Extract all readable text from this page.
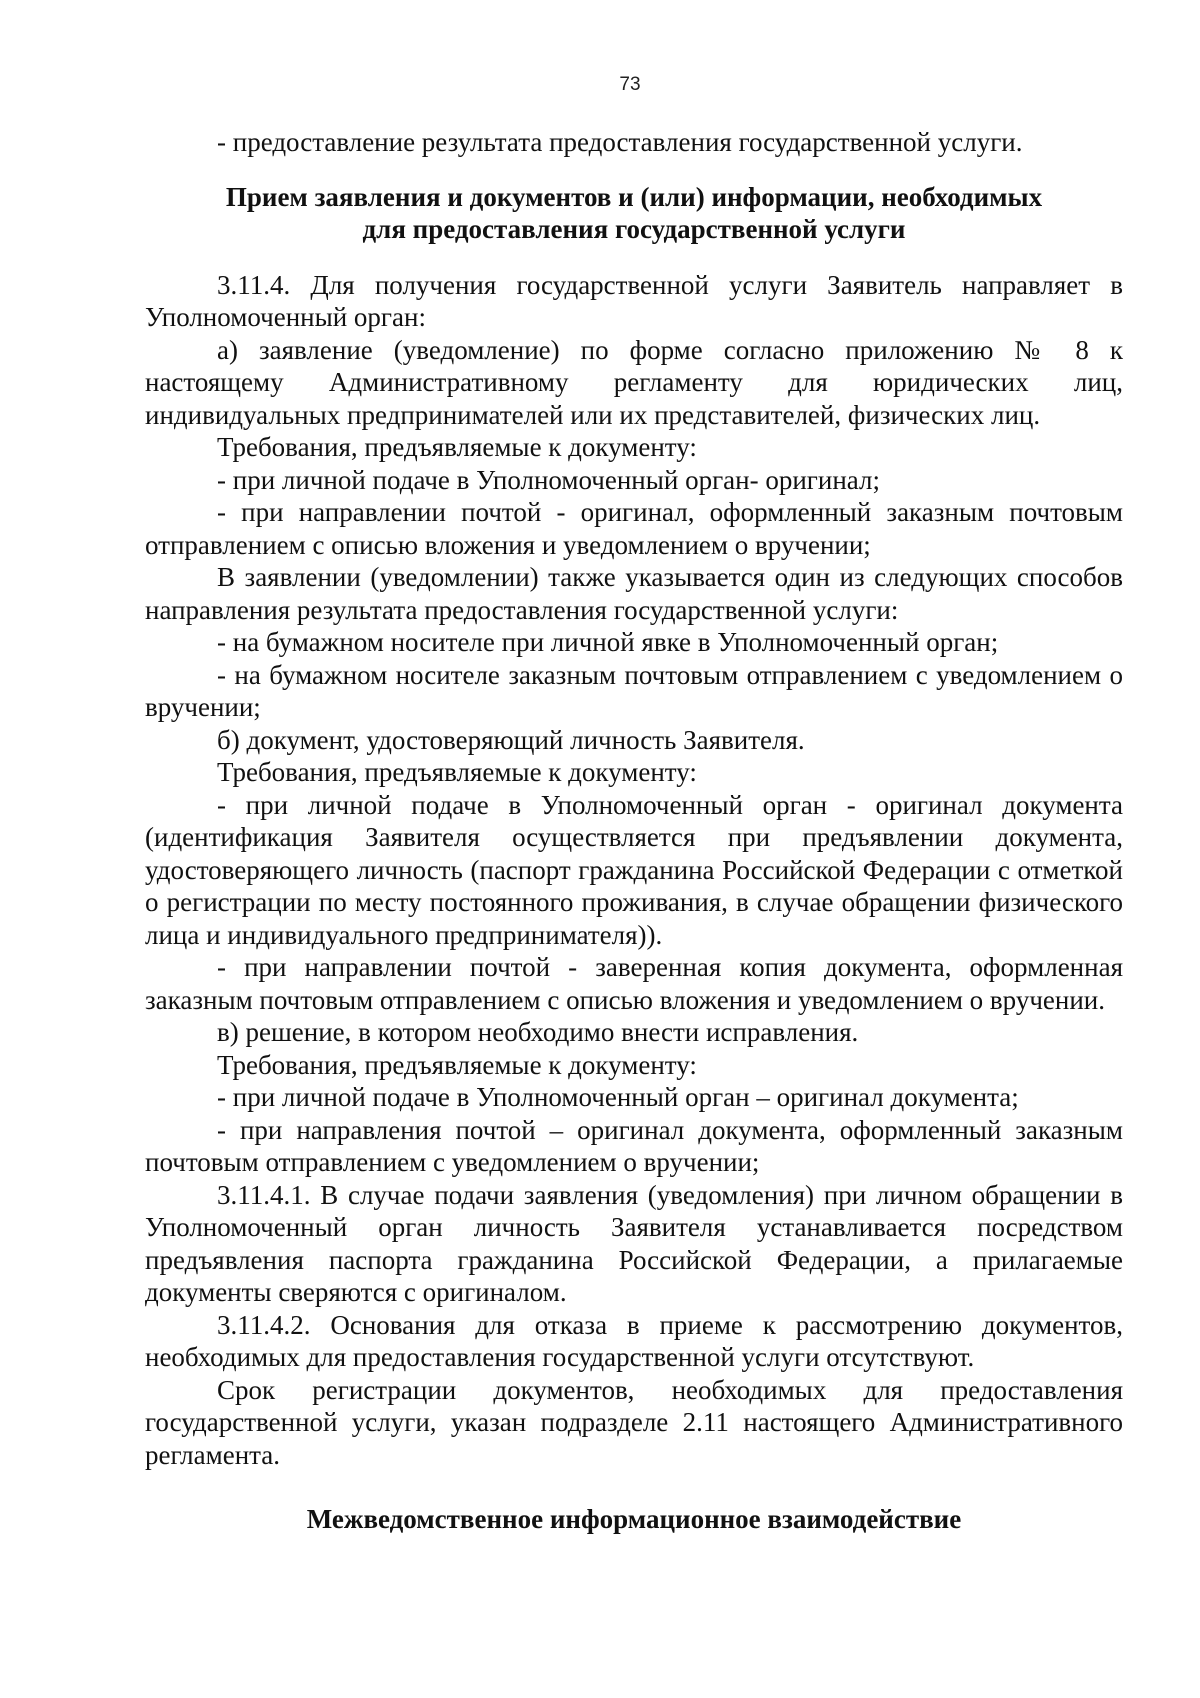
73

- предоставление результата предоставления государственной услуги.

Прием заявления и документов и (или) информации, необходимых
для предоставления государственной услуги

3.11.4. Для получения государственной услуги Заявитель направляет в Уполномоченный орган:

а) заявление (уведомление) по форме согласно приложению № 8 к настоящему Административному регламенту для юридических лиц, индивидуальных предпринимателей или их представителей, физических лиц.

Требования, предъявляемые к документу:

- при личной подаче в Уполномоченный орган- оригинал;

- при направлении почтой - оригинал, оформленный заказным почтовым отправлением с описью вложения и уведомлением о вручении;

В заявлении (уведомлении) также указывается один из следующих способов направления результата предоставления государственной услуги:

- на бумажном носителе при личной явке в Уполномоченный орган;

- на бумажном носителе заказным почтовым отправлением с уведомлением о вручении;

б) документ, удостоверяющий личность Заявителя.

Требования, предъявляемые к документу:

- при личной подаче в Уполномоченный орган - оригинал документа (идентификация Заявителя осуществляется при предъявлении документа, удостоверяющего личность (паспорт гражданина Российской Федерации с отметкой о регистрации по месту постоянного проживания, в случае обращении физического лица и индивидуального предпринимателя)).

- при направлении почтой - заверенная копия документа, оформленная заказным почтовым отправлением с описью вложения и уведомлением о вручении.

в) решение, в котором необходимо внести исправления.

Требования, предъявляемые к документу:

- при личной подаче в Уполномоченный орган – оригинал документа;

- при направления почтой – оригинал документа, оформленный заказным почтовым отправлением с уведомлением о вручении;

3.11.4.1. В случае подачи заявления (уведомления) при личном обращении в Уполномоченный орган личность Заявителя устанавливается посредством предъявления паспорта гражданина Российской Федерации, а прилагаемые документы сверяются с оригиналом.

3.11.4.2. Основания для отказа в приеме к рассмотрению документов, необходимых для предоставления государственной услуги отсутствуют.

Срок регистрации документов, необходимых для предоставления государственной услуги, указан подразделе 2.11 настоящего Административного регламента.

Межведомственное информационное взаимодействие
